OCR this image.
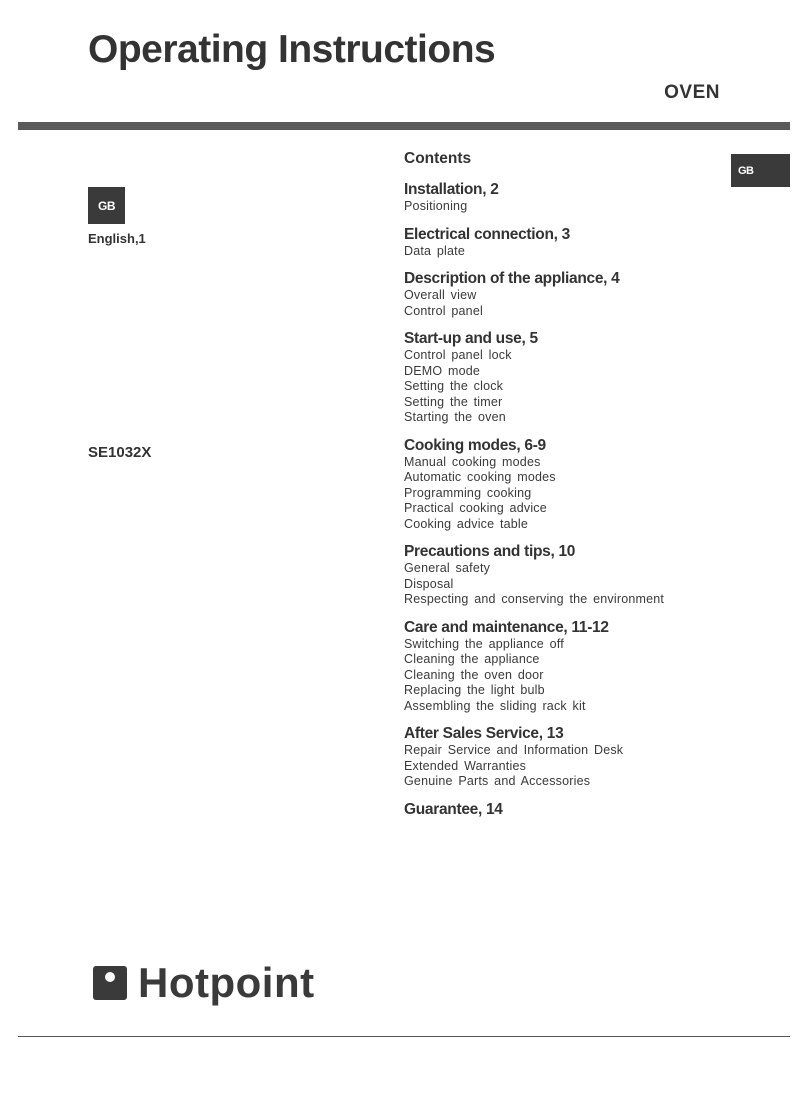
Operating Instructions
OVEN
GB
English,1
SE1032X
GB
Contents
Installation, 2
Positioning
Electrical connection, 3
Data plate
Description of the appliance, 4
Overall view
Control panel
Start-up and use, 5
Control panel lock
DEMO mode
Setting the clock
Setting the timer
Starting the oven
Cooking modes, 6-9
Manual cooking modes
Automatic cooking modes
Programming cooking
Practical cooking advice
Cooking advice table
Precautions and tips, 10
General safety
Disposal
Respecting and conserving the environment
Care and maintenance, 11-12
Switching the appliance off
Cleaning the appliance
Cleaning the oven door
Replacing the light bulb
Assembling the sliding rack kit
After Sales Service, 13
Repair Service and Information Desk
Extended Warranties
Genuine Parts and Accessories
Guarantee, 14
Hotpoint
